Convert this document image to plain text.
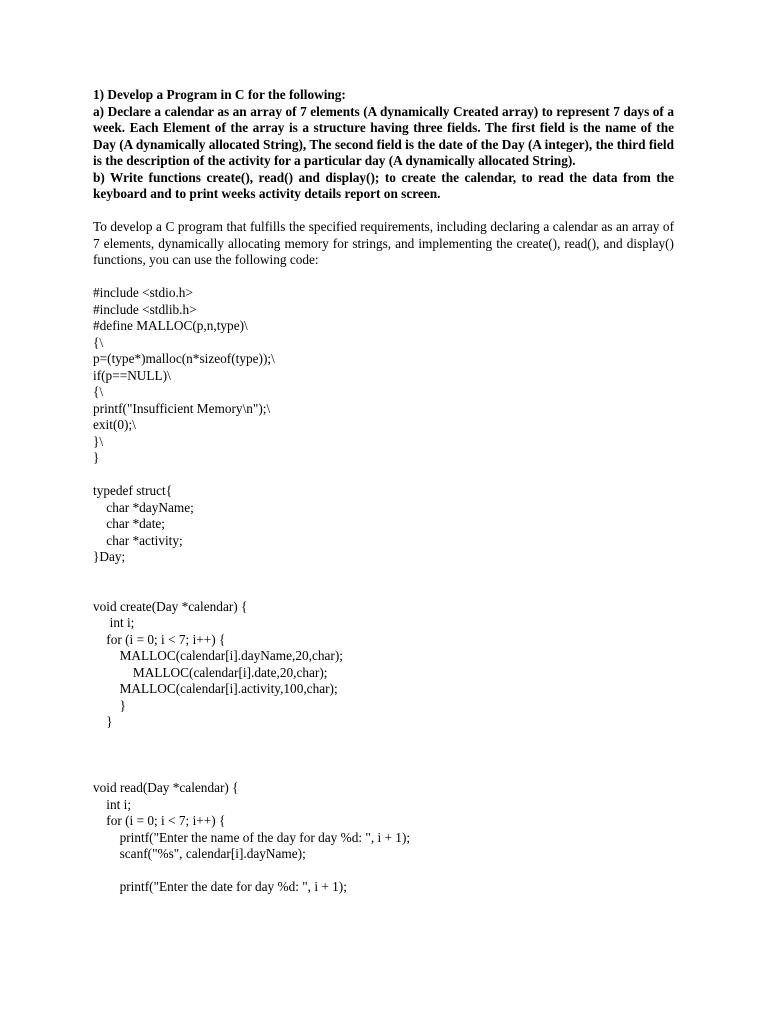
1) Develop a Program in C for the following:

a) Declare a calendar as an array of 7 elements (A dynamically Created array) to represent 7 days of a week. Each Element of the array is a structure having three fields. The first field is the name of the Day (A dynamically allocated String), The second field is the date of the Day (A integer), the third field is the description of the activity for a particular day (A dynamically allocated String).

b) Write functions create(), read() and display(); to create the calendar, to read the data from the keyboard and to print weeks activity details report on screen.

To develop a C program that fulfills the specified requirements, including declaring a calendar as an array of 7 elements, dynamically allocating memory for strings, and implementing the create(), read(), and display() functions, you can use the following code:
#include <stdio.h>
#include <stdlib.h>
#define MALLOC(p,n,type)\
{\
p=(type*)malloc(n*sizeof(type));\
if(p==NULL)\
{\
printf("Insufficient Memory\n");\
exit(0);\
}\
}
typedef struct{
char *dayName;
char *date;
char *activity;
}Day;
void create(Day *calendar) {
int i;
for (i = 0; i < 7; i++) {
MALLOC(calendar[i].dayName,20,char);
MALLOC(calendar[i].date,20,char);
MALLOC(calendar[i].activity,100,char);
}
}
void read(Day *calendar) {
int i;
for (i = 0; i < 7; i++) {
printf("Enter the name of the day for day %d: ", i + 1);
scanf("%s", calendar[i].dayName);
printf("Enter the date for day %d: ", i + 1);
